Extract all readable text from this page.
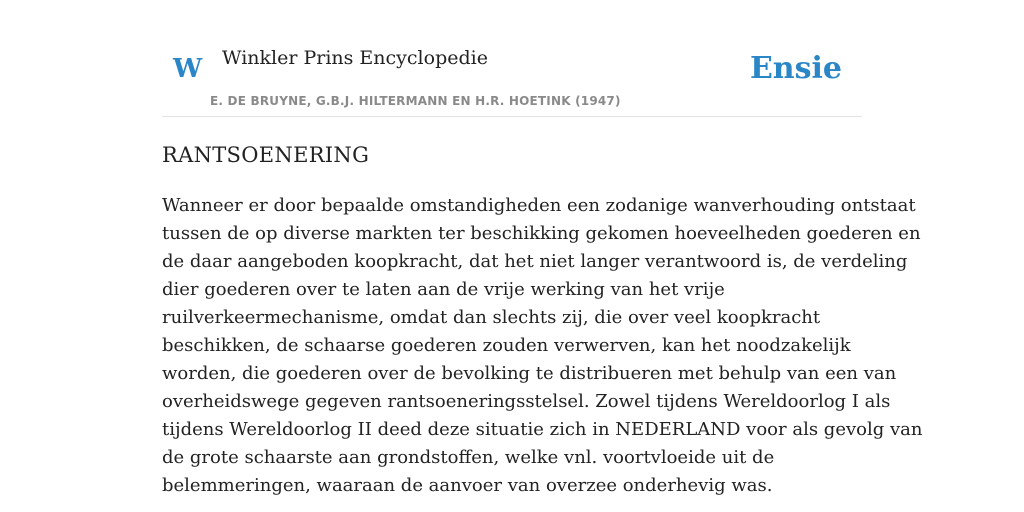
W Winkler Prins Encyclopedie
E. DE BRUYNE, G.B.J. HILTERMANN EN H.R. HOETINK (1947)
Ensie
RANTSOENERING

Wanneer er door bepaalde omstandigheden een zodanige wanverhouding ontstaat
tussen de op diverse markten ter beschikking gekomen hoeveelheden goederen en
de daar aangeboden koopkracht, dat het niet langer verantwoord is, de verdeling
dier goederen over te laten aan de vrije werking van het vrije
ruilverkeermechanisme, omdat dan slechts zij, die over veel koopkracht
beschikken, de schaarse goederen zouden verwerven, kan het noodzakelijk
worden, die goederen over de bevolking te distribueren met behulp van een van
overheidswege gegeven rantsoeneringsstelsel. Zowel tijdens Wereldoorlog I als
tijdens Wereldoorlog II deed deze situatie zich in NEDERLAND voor als gevolg van
de grote schaarste aan grondstoffen, welke vnl. voortvloeide uit de
belemmeringen, waaraan de aanvoer van overzee onderhevig was.
